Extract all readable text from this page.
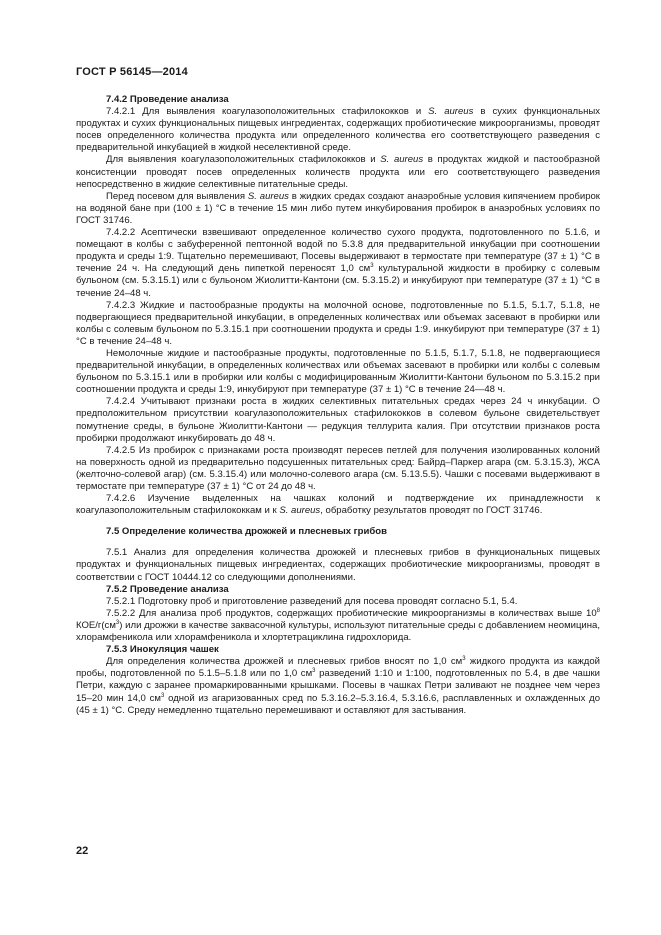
ГОСТ Р 56145—2014
7.4.2 Проведение анализа

7.4.2.1 Для выявления коагулазоположительных стафилококков и S. aureus в сухих функциональных продуктах и сухих функциональных пищевых ингредиентах, содержащих пробиотические микроорганизмы, проводят посев определенного количества продукта или определенного количества его соответствующего разведения с предварительной инкубацией в жидкой неселективной среде.

Для выявления коагулазоположительных стафилококков и S. aureus в продуктах жидкой и пастообразной консистенции проводят посев определенных количеств продукта или его соответствующего разведения непосредственно в жидкие селективные питательные среды.

Перед посевом для выявления S. aureus в жидких средах создают анаэробные условия кипячением пробирок на водяной бане при (100 ± 1) °С в течение 15 мин либо путем инкубирования пробирок в анаэробных условиях по ГОСТ 31746.

7.4.2.2 Асептически взвешивают определенное количество сухого продукта, подготовленного по 5.1.6, и помещают в колбы с забуференной пептонной водой по 5.3.8 для предварительной инкубации при соотношении продукта и среды 1:9. Тщательно перемешивают, Посевы выдерживают в термостате при температуре (37 ± 1) °С в течение 24 ч. На следующий день пипеткой переносят 1,0 $см^3$ культуральной жидкости в пробирку с солевым бульоном (см. 5.3.15.1) или с бульоном Жиолитти-Кантони (см. 5.3.15.2) и инкубируют при температуре (37 ± 1) °С в течение 24–48 ч.

7.4.2.3 Жидкие и пастообразные продукты на молочной основе, подготовленные по 5.1.5, 5.1.7, 5.1.8, не подвергающиеся предварительной инкубации, в определенных количествах или объемах засевают в пробирки или колбы с солевым бульоном по 5.3.15.1 при соотношении продукта и среды 1:9. инкубируют при температуре (37 ± 1) °С в течение 24–48 ч.

Немолочные жидкие и пастообразные продукты, подготовленные по 5.1.5, 5.1.7, 5.1.8, не подвергающиеся предварительной инкубации, в определенных количествах или объемах засевают в пробирки или колбы с солевым бульоном по 5.3.15.1 или в пробирки или колбы с модифицированным Жиолитти-Кантони бульоном по 5.3.15.2 при соотношении продукта и среды 1:9, инкубируют при температуре (37 ± 1) °С в течение 24—48 ч.

7.4.2.4 Учитывают признаки роста в жидких селективных питательных средах через 24 ч инкубации. О предположительном присутствии коагулазоположительных стафилококков в солевом бульоне свидетельствует помутнение среды, в бульоне Жиолитти-Кантони — редукция теллурита калия. При отсутствии признаков роста пробирки продолжают инкубировать до 48 ч.

7.4.2.5 Из пробирок с признаками роста производят пересев петлей для получения изолированных колоний на поверхность одной из предварительно подсушенных питательных сред: Байрд–Паркер агара (см. 5.3.15.3), ЖСА (желточно-солевой агар) (см. 5.3.15.4) или молочно-солевого агара (см. 5.13.5.5). Чашки с посевами выдерживают в термостате при температуре (37 ± 1) °С от 24 до 48 ч.

7.4.2.6 Изучение выделенных на чашках колоний и подтверждение их принадлежности к коагулазоположительным стафилококкам и к S. aureus, обработку результатов проводят по ГОСТ 31746.

7.5 Определение количества дрожжей и плесневых грибов

7.5.1 Анализ для определения количества дрожжей и плесневых грибов в функциональных пищевых продуктах и функциональных пищевых ингредиентах, содержащих пробиотические микроорганизмы, проводят в соответствии с ГОСТ 10444.12 со следующими дополнениями.

7.5.2 Проведение анализа

7.5.2.1 Подготовку проб и приготовление разведений для посева проводят согласно 5.1, 5.4.

7.5.2.2 Для анализа проб продуктов, содержащих пробиотические микроорганизмы в количествах выше $10^8$ КОЕ/$г(см^3)$ или дрожжи в качестве заквасочной культуры, используют питательные среды с добавлением неомицина, хлорамфеникола или хлорамфеникола и хлортетрациклина гидрохлорида.

7.5.3 Инокуляция чашек

Для определения количества дрожжей и плесневых грибов вносят по 1,0 $см^3$ жидкого продукта из каждой пробы, подготовленной по 5.1.5–5.1.8 или по 1,0 $см^3$ разведений 1:10 и 1:100, подготовленных по 5.4, в две чашки Петри, каждую с заранее промаркированными крышками. Посевы в чашках Петри заливают не позднее чем через 15–20 мин 14,0 $см^3$ одной из агаризованных сред по 5.3.16.2–5.3.16.4, 5.3.16.6, расплавленных и охлажденных до (45 ± 1) °С. Среду немедленно тщательно перемешивают и оставляют для застывания.

22
